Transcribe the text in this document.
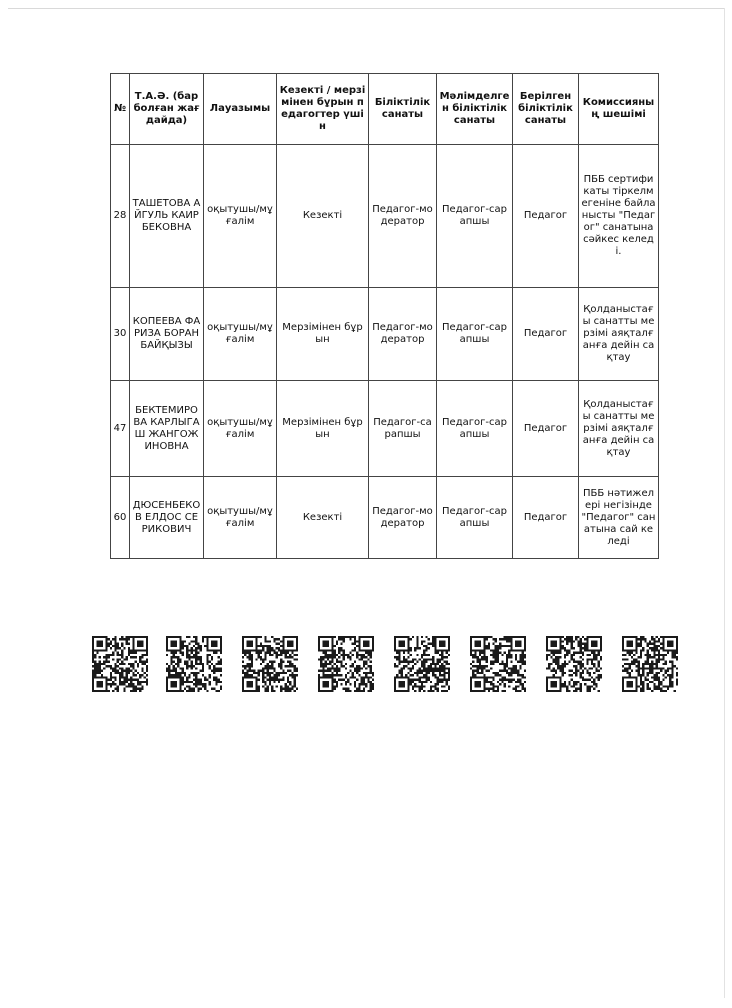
№	Т.А.Ә. (бар болған жағдайда)	Лауазымы	Кезекті / мерзімінен бұрын педагогтер үшін	Біліктілік санаты	Мәлімделген біліктілік санаты	Берілген біліктілік санаты	Комиссияның шешімі
28	ТАШЕТОВА АЙГУЛЬ КАИРБЕКОВНА	оқытушы/мұғалім	Кезекті	Педагог-модератор	Педагог-сарапшы	Педагог	ПББ сертификаты тіркелмегеніне байланысты "Педагог" санатына сәйкес келеді.
30	КОПЕЕВА ФАРИЗА БОРАНБАЙҚЫЗЫ	оқытушы/мұғалім	Мерзімінен бұрын	Педагог-модератор	Педагог-сарапшы	Педагог	Қолданыстағы санатты мерзімі аяқталғанға дейін сақтау
47	БЕКТЕМИРОВА КАРЛЫГАШ ЖАНГОЖИНОВНА	оқытушы/мұғалім	Мерзімінен бұрын	Педагог-сарапшы	Педагог-сарапшы	Педагог	Қолданыстағы санатты мерзімі аяқталғанға дейін сақтау
60	ДЮСЕНБЕКОВ ЕЛДОС СЕРИКОВИЧ	оқытушы/мұғалім	Кезекті	Педагог-модератор	Педагог-сарапшы	Педагог	ПББ нәтижелері негізінде "Педагог" санатына сай келеді
